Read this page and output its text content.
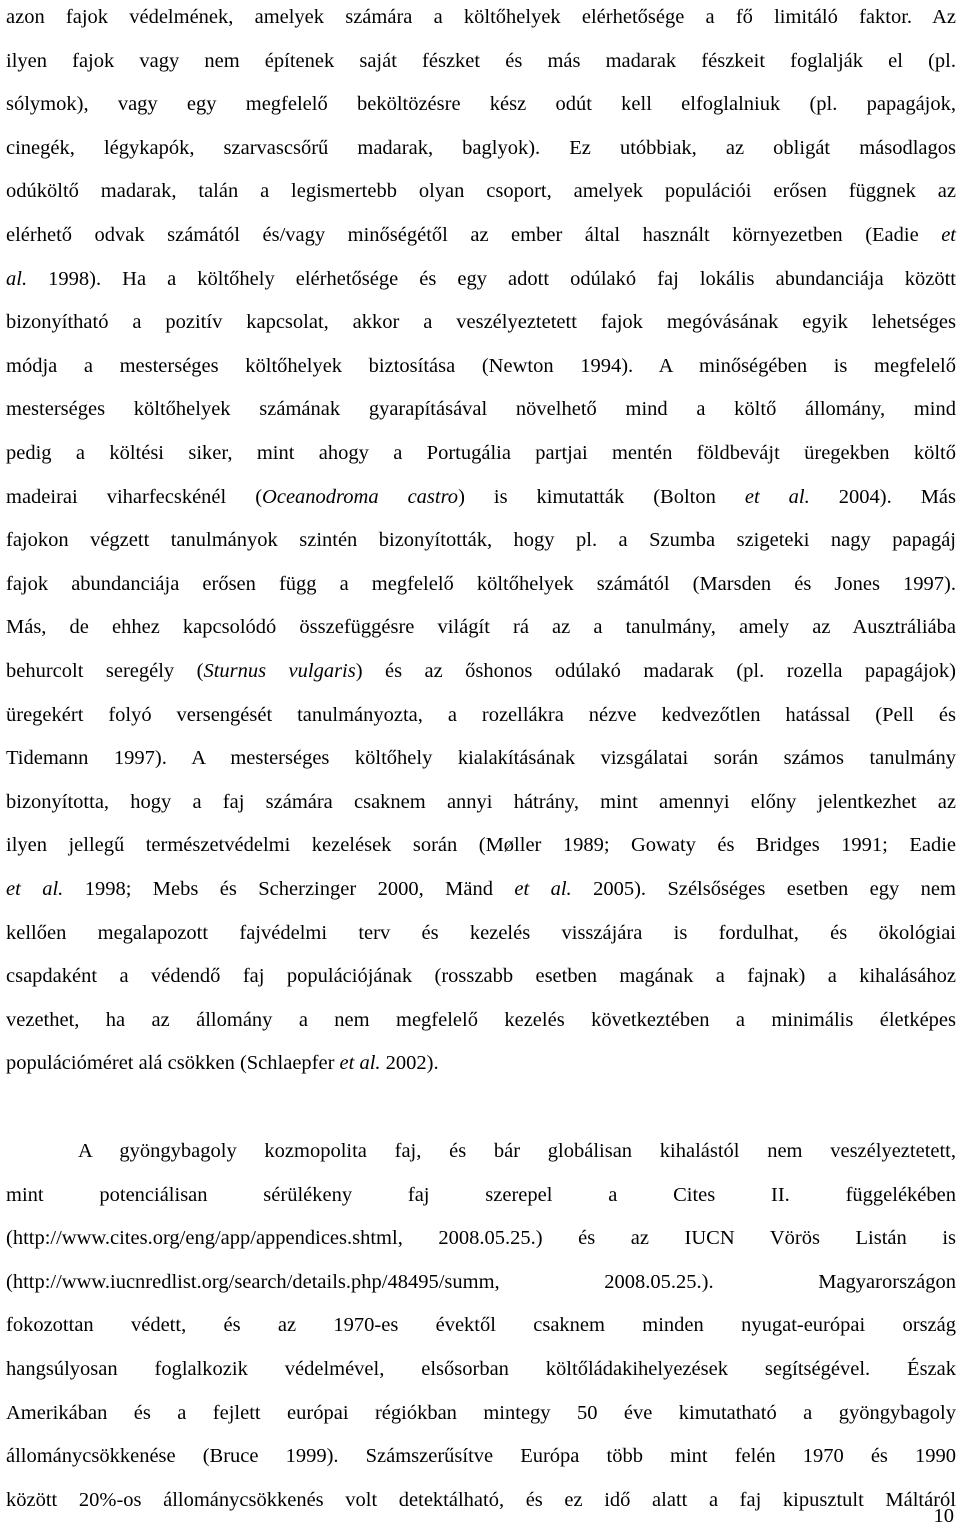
azon fajok védelmének, amelyek számára a költőhelyek elérhetősége a fő limitáló faktor. Az
ilyen fajok vagy nem építenek saját fészket és más madarak fészkeit foglalják el (pl.
sólymok), vagy egy megfelelő beköltözésre kész odút kell elfoglalniuk (pl. papagájok,
cinegék, légykapók, szarvascsőrű madarak, baglyok). Ez utóbbiak, az obligát másodlagos
odúköltő madarak, talán a legismertebb olyan csoport, amelyek populációi erősen függnek az
elérhető odvak számától és/vagy minőségétől az ember által használt környezetben (Eadie et
al. 1998). Ha a költőhely elérhetősége és egy adott odúlakó faj lokális abundanciája között
bizonyítható a pozitív kapcsolat, akkor a veszélyeztetett fajok megóvásának egyik lehetséges
módja a mesterséges költőhelyek biztosítása (Newton 1994). A minőségében is megfelelő
mesterséges költőhelyek számának gyarapításával növelhető mind a költő állomány, mind
pedig a költési siker, mint ahogy a Portugália partjai mentén földbevájt üregekben költő
madeirai viharfecskénél (Oceanodroma castro) is kimutatták (Bolton et al. 2004). Más
fajokon végzett tanulmányok szintén bizonyították, hogy pl. a Szumba szigeteki nagy papagáj
fajok abundanciája erősen függ a megfelelő költőhelyek számától (Marsden és Jones 1997).
Más, de ehhez kapcsolódó összefüggésre világít rá az a tanulmány, amely az Ausztráliába
behurcolt seregély (Sturnus vulgaris) és az őshonos odúlakó madarak (pl. rozella papagájok)
üregekért folyó versengését tanulmányozta, a rozellákra nézve kedvezőtlen hatással (Pell és
Tidemann 1997). A mesterséges költőhely kialakításának vizsgálatai során számos tanulmány
bizonyította, hogy a faj számára csaknem annyi hátrány, mint amennyi előny jelentkezhet az
ilyen jellegű természetvédelmi kezelések során (Møller 1989; Gowaty és Bridges 1991; Eadie
et al. 1998; Mebs és Scherzinger 2000, Mänd et al. 2005). Szélsőséges esetben egy nem
kellően megalapozott fajvédelmi terv és kezelés visszájára is fordulhat, és ökológiai
csapdaként a védendő faj populációjának (rosszabb esetben magának a fajnak) a kihalásához
vezethet, ha az állomány a nem megfelelő kezelés következtében a minimális életképes
populációméret alá csökken (Schlaepfer et al. 2002).
A gyöngybagoly kozmopolita faj, és bár globálisan kihalástól nem veszélyeztetett,
mint potenciálisan sérülékeny faj szerepel a Cites II. függelékében
(http://www.cites.org/eng/app/appendices.shtml, 2008.05.25.) és az IUCN Vörös Listán is
(http://www.iucnredlist.org/search/details.php/48495/summ, 2008.05.25.). Magyarországon
fokozottan védett, és az 1970-es évektől csaknem minden nyugat-európai ország
hangsúlyosan foglalkozik védelmével, elsősorban költőládakihelyezések segítségével. Észak
Amerikában és a fejlett európai régiókban mintegy 50 éve kimutatható a gyöngybagoly
állománycsökkenése (Bruce 1999). Számszerűsítve Európa több mint felén 1970 és 1990
között 20%-os állománycsökkenés volt detektálható, és ez idő alatt a faj kipusztult Máltáról
10
